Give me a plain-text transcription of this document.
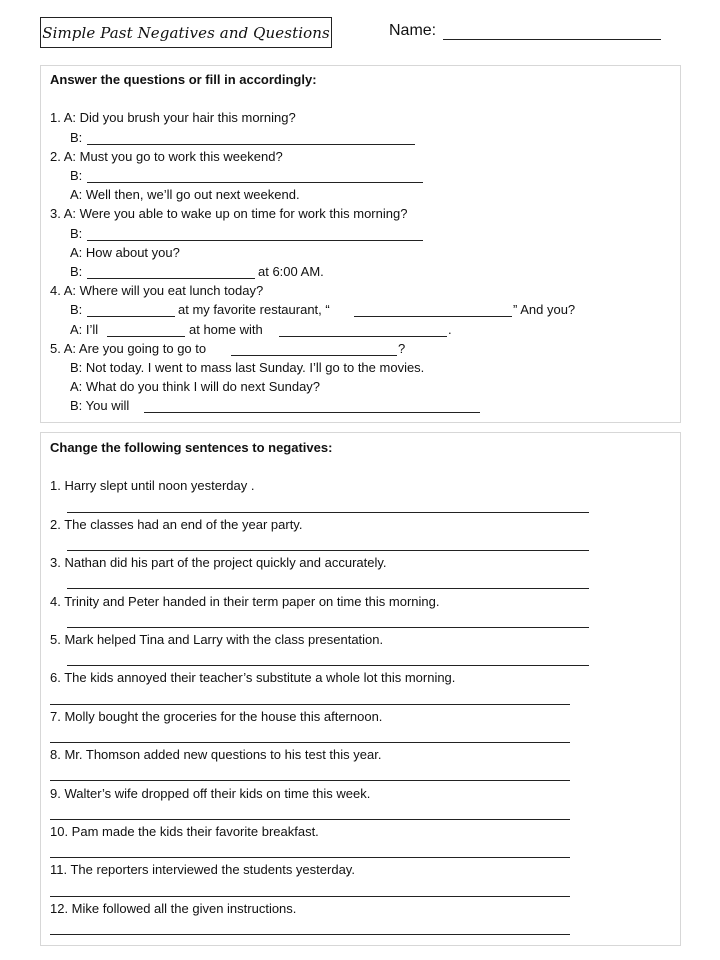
Simple Past Negatives and Questions	Name:
Answer the questions or fill in accordingly:
1. A: Did you brush your hair this morning?
B:
2. A: Must you go to work this weekend?
B:
A: Well then, we’ll go out next weekend.
3. A: Were you able to wake up on time for work this morning?
B:
A: How about you?
B:	at 6:00 AM.
4. A: Where will you eat lunch today?
B:	at my favorite restaurant, “	” And you?
A: I’ll	at home with	.
5. A: Are you going to go to	?
B: Not today. I went to mass last Sunday. I’ll go to the movies.
A: What do you think I will do next Sunday?
B: You will
Change the following sentences to negatives:
1. Harry slept until noon yesterday .
2. The classes had an end of the year party.
3. Nathan did his part of the project quickly and accurately.
4. Trinity and Peter handed in their term paper on time this morning.
5. Mark helped Tina and Larry with the class presentation.
6. The kids annoyed their teacher’s substitute a whole lot this morning.
7. Molly bought the groceries for the house this afternoon.
8. Mr. Thomson added new questions to his test this year.
9. Walter’s wife dropped off their kids on time this week.
10. Pam made the kids their favorite breakfast.
11. The reporters interviewed the students yesterday.
12. Mike followed all the given instructions.
